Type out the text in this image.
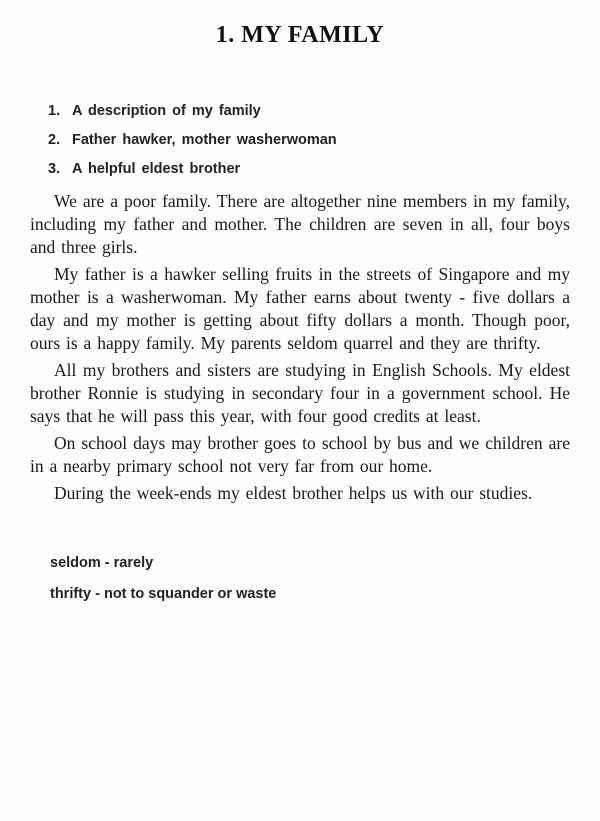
1. MY FAMILY
1. A description of my family
2. Father hawker, mother washerwoman
3. A helpful eldest brother

We are a poor family. There are altogether nine members in my family, including my father and mother. The children are seven in all, four boys and three girls.

My father is a hawker selling fruits in the streets of Singapore and my mother is a washerwoman. My father earns about twenty - five dollars a day and my mother is getting about fifty dollars a month. Though poor, ours is a happy family. My parents seldom quarrel and they are thrifty.

All my brothers and sisters are studying in English Schools. My eldest brother Ronnie is studying in secondary four in a government school. He says that he will pass this year, with four good credits at least.

On school days may brother goes to school by bus and we children are in a nearby primary school not very far from our home.

During the week-ends my eldest brother helps us with our studies.

seldom - rarely
thrifty - not to squander or waste
